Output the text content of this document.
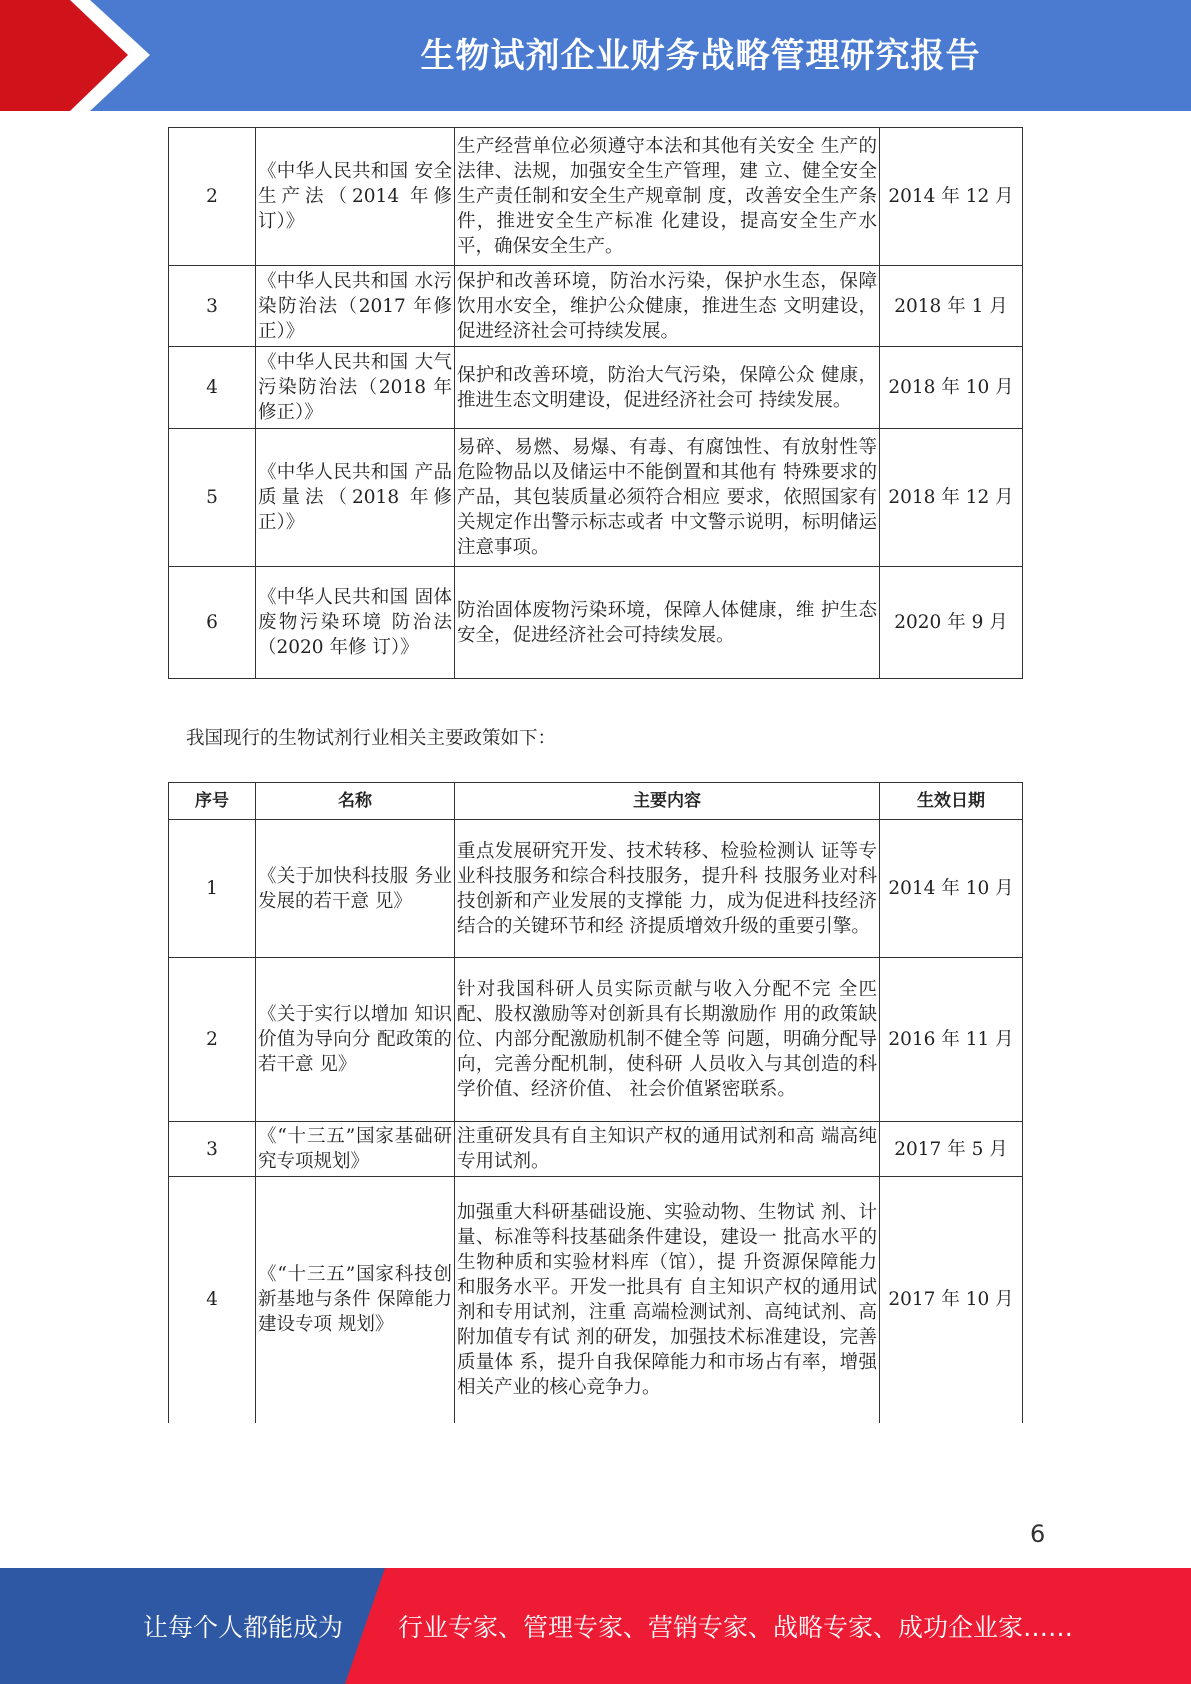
生物试剂企业财务战略管理研究报告
2	《中华人民共和国 安全生产法（2014 年修订）》	生产经营单位必须遵守本法和其他有关安全 生产的法律、法规，加强安全生产管理，建 立、健全安全生产责任制和安全生产规章制 度，改善安全生产条件，推进安全生产标准 化建设，提高安全生产水平，确保安全生产。	2014 年 12 月
3	《中华人民共和国 水污染防治法（2017 年修正）》	保护和改善环境，防治水污染，保护水生态，保障饮用水安全，维护公众健康，推进生态 文明建设，促进经济社会可持续发展。	2018 年 1 月
4	《中华人民共和国 大气污染防治法（2018 年修正）》	保护和改善环境，防治大气污染，保障公众 健康，推进生态文明建设，促进经济社会可 持续发展。	2018 年 10 月
5	《中华人民共和国 产品质量法（2018 年修正）》	易碎、易燃、易爆、有毒、有腐蚀性、有放射性等危险物品以及储运中不能倒置和其他有 特殊要求的产品，其包装质量必须符合相应 要求，依照国家有关规定作出警示标志或者 中文警示说明，标明储运注意事项。	2018 年 12 月
6	《中华人民共和国 固体废物污染环境 防治法（2020 年修 订）》	防治固体废物污染环境，保障人体健康，维 护生态安全，促进经济社会可持续发展。	2020 年 9 月
我国现行的生物试剂行业相关主要政策如下：
序号	名称	主要内容	生效日期
1	《关于加快科技服 务业发展的若干意 见》	重点发展研究开发、技术转移、检验检测认 证等专业科技服务和综合科技服务，提升科 技服务业对科技创新和产业发展的支撑能 力，成为促进科技经济结合的关键环节和经 济提质增效升级的重要引擎。	2014 年 10 月
2	《关于实行以增加 知识价值为导向分 配政策的若干意 见》	针对我国科研人员实际贡献与收入分配不完 全匹配、股权激励等对创新具有长期激励作 用的政策缺位、内部分配激励机制不健全等 问题，明确分配导向，完善分配机制，使科研 人员收入与其创造的科学价值、经济价值、 社会价值紧密联系。	2016 年 11 月
3	《“十三五”国家基础研究专项规划》	注重研发具有自主知识产权的通用试剂和高 端高纯专用试剂。	2017 年 5 月
4	《“十三五”国家科技创新基地与条件 保障能力建设专项 规划》	加强重大科研基础设施、实验动物、生物试 剂、计量、标准等科技基础条件建设，建设一 批高水平的生物种质和实验材料库（馆），提 升资源保障能力和服务水平。开发一批具有 自主知识产权的通用试剂和专用试剂，注重 高端检测试剂、高纯试剂、高附加值专有试 剂的研发，加强技术标准建设，完善质量体 系，提升自我保障能力和市场占有率，增强 相关产业的核心竞争力。	2017 年 10 月
6
让每个人都能成为 行业专家、管理专家、营销专家、战略专家、成功企业家……
